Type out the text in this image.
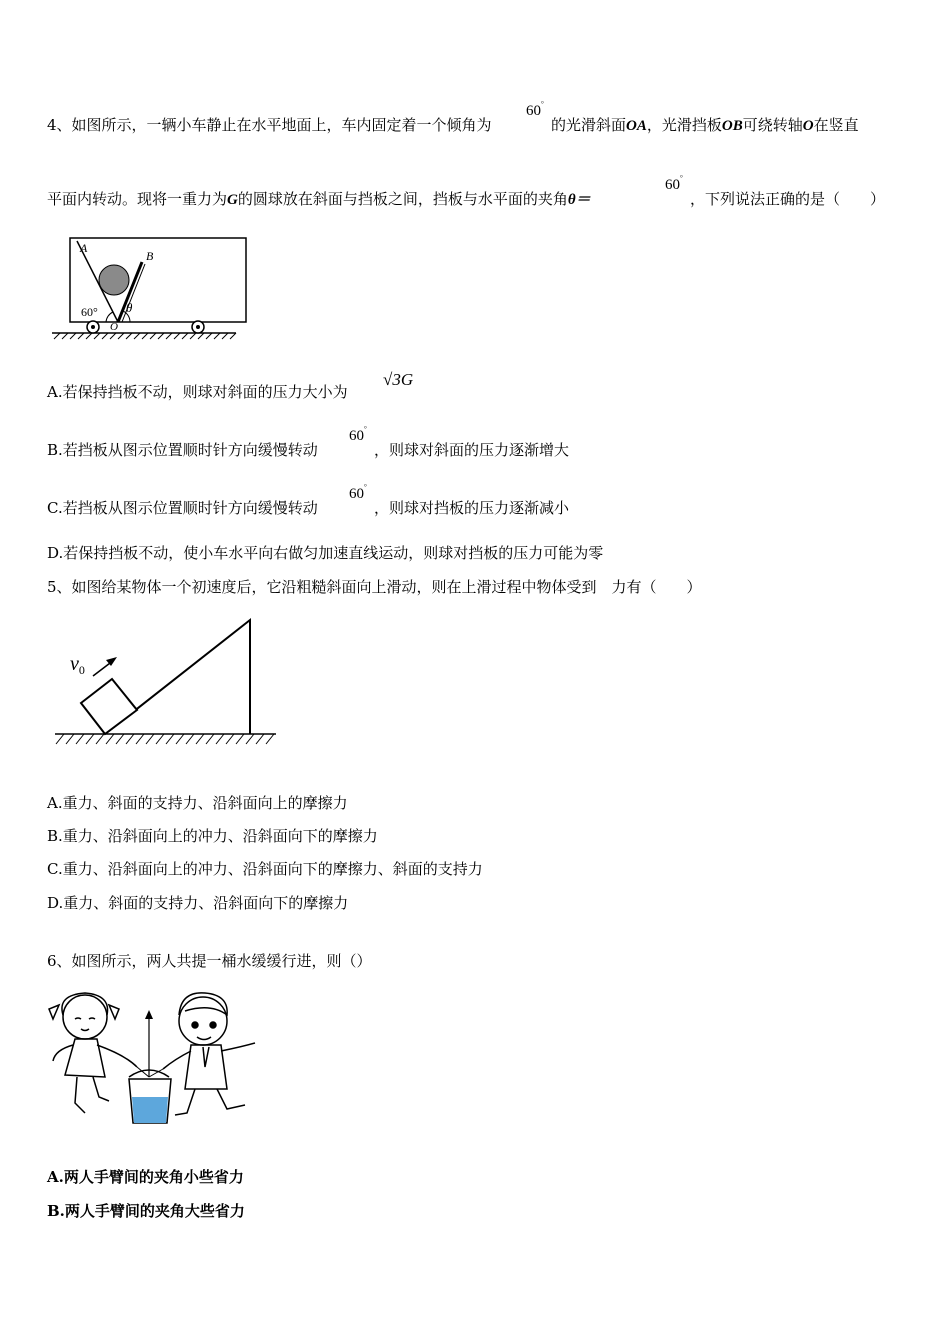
4、如图所示，一辆小车静止在水平地面上，车内固定着一个倾角为
60°
的光滑斜面OA，光滑挡板OB可绕转轴O在竖直
平面内转动。现将一重力为G的圆球放在斜面与挡板之间，挡板与水平面的夹角θ＝
60°
，下列说法正确的是（　　）
A
B
60°
O
θ
A.若保持挡板不动，则球对斜面的压力大小为
√3G
B.若挡板从图示位置顺时针方向缓慢转动
60°
，则球对斜面的压力逐渐增大
C.若挡板从图示位置顺时针方向缓慢转动
60°
，则球对挡板的压力逐渐减小
D.若保持挡板不动，使小车水平向右做匀加速直线运动，则球对挡板的压力可能为零
5、如图给某物体一个初速度后，它沿粗糙斜面向上滑动，则在上滑过程中物体受到　力有（　　）
$v_0$
A.重力、斜面的支持力、沿斜面向上的摩擦力
B.重力、沿斜面向上的冲力、沿斜面向下的摩擦力
C.重力、沿斜面向上的冲力、沿斜面向下的摩擦力、斜面的支持力
D.重力、斜面的支持力、沿斜面向下的摩擦力
6、如图所示，两人共提一桶水缓缓行进，则（）
A.两人手臂间的夹角小些省力
B.两人手臂间的夹角大些省力
